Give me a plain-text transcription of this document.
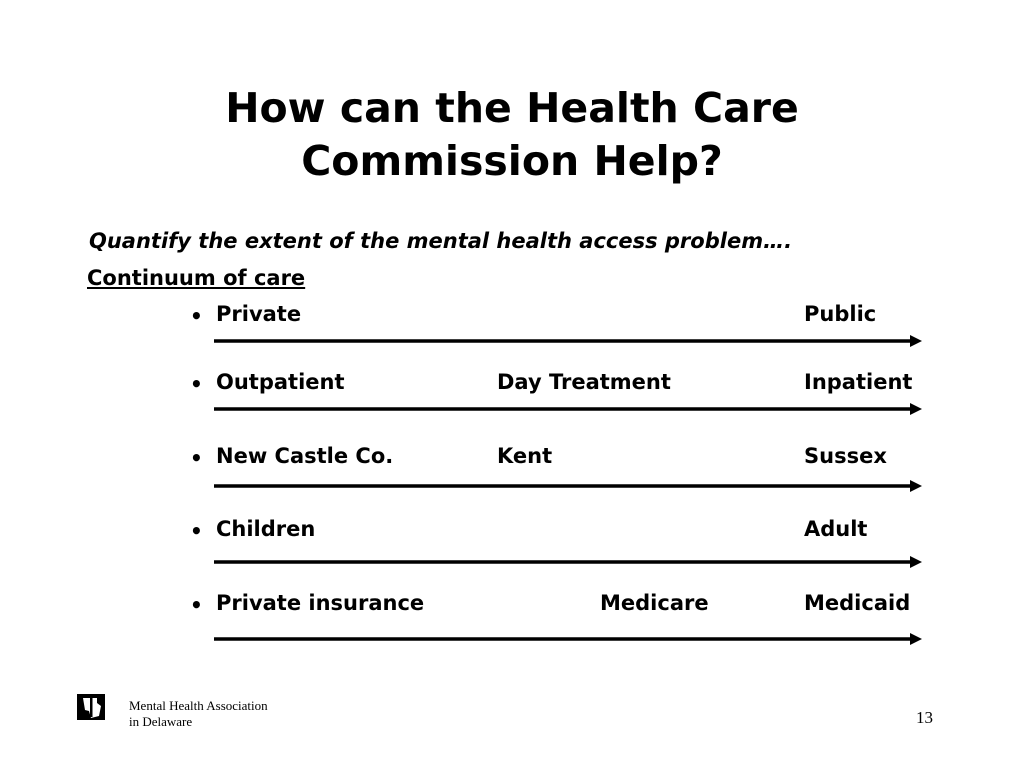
How can the Health Care
Commission Help?
Quantify the extent of the mental health access problem….
Continuum of care
• Private	Public
• Outpatient	Day Treatment	Inpatient
• New Castle Co.	Kent	Sussex
• Children	Adult
• Private insurance	Medicare	Medicaid
Mental Health Association
in Delaware	13
